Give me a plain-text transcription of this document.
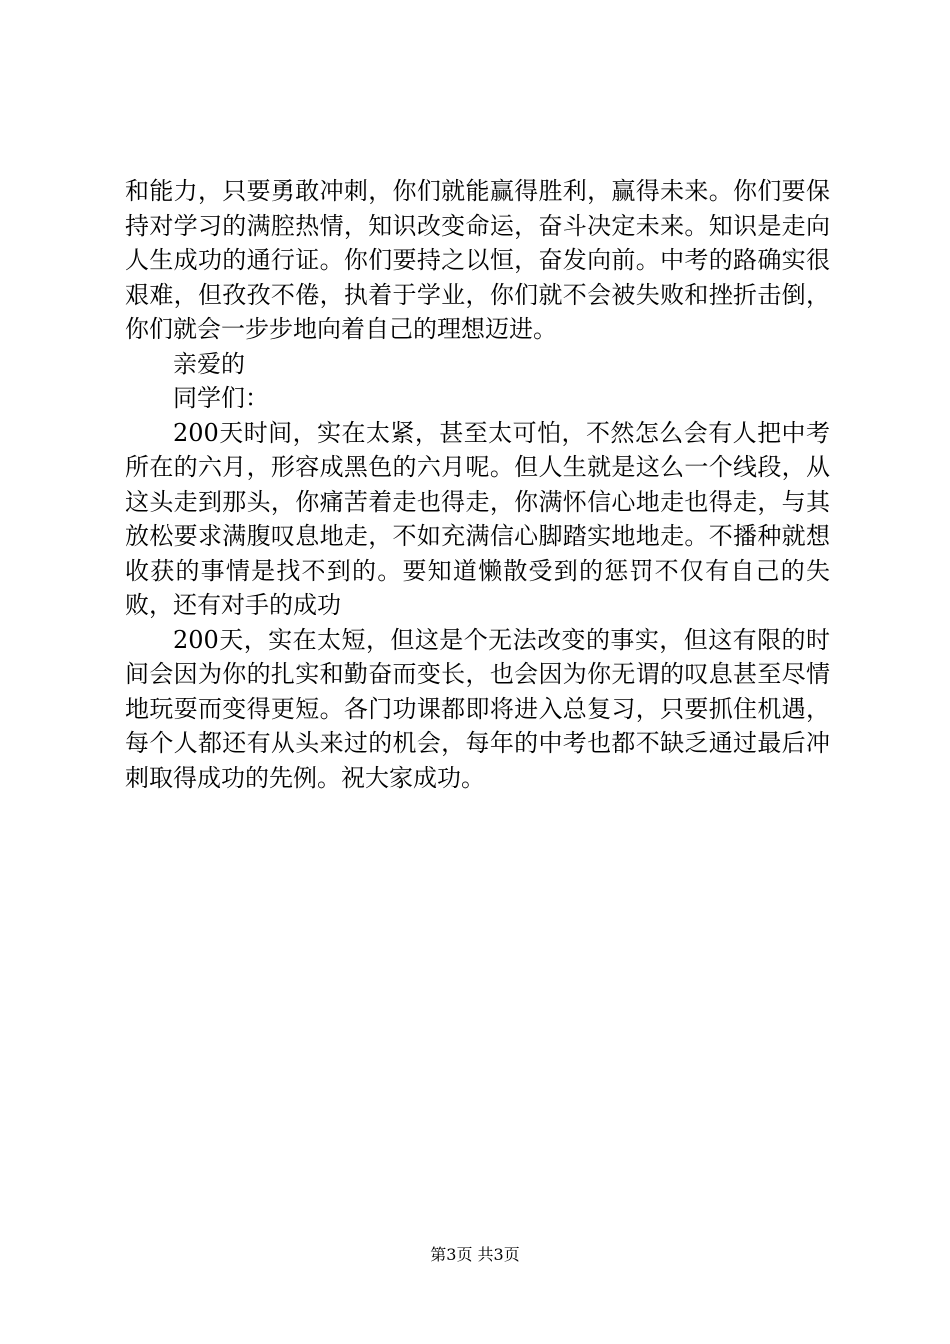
和能力，只要勇敢冲刺，你们就能赢得胜利，赢得未来。你们要保持对学习的满腔热情，知识改变命运，奋斗决定未来。知识是走向人生成功的通行证。你们要持之以恒，奋发向前。中考的路确实很艰难，但孜孜不倦，执着于学业，你们就不会被失败和挫折击倒，你们就会一步步地向着自己的理想迈进。

亲爱的

同学们：

200天时间，实在太紧，甚至太可怕，不然怎么会有人把中考所在的六月，形容成黑色的六月呢。但人生就是这么一个线段，从这头走到那头，你痛苦着走也得走，你满怀信心地走也得走，与其放松要求满腹叹息地走，不如充满信心脚踏实地地走。不播种就想收获的事情是找不到的。要知道懒散受到的惩罚不仅有自己的失败，还有对手的成功

200天，实在太短，但这是个无法改变的事实，但这有限的时间会因为你的扎实和勤奋而变长，也会因为你无谓的叹息甚至尽情地玩耍而变得更短。各门功课都即将进入总复习，只要抓住机遇，每个人都还有从头来过的机会，每年的中考也都不缺乏通过最后冲刺取得成功的先例。祝大家成功。

第3页 共3页
